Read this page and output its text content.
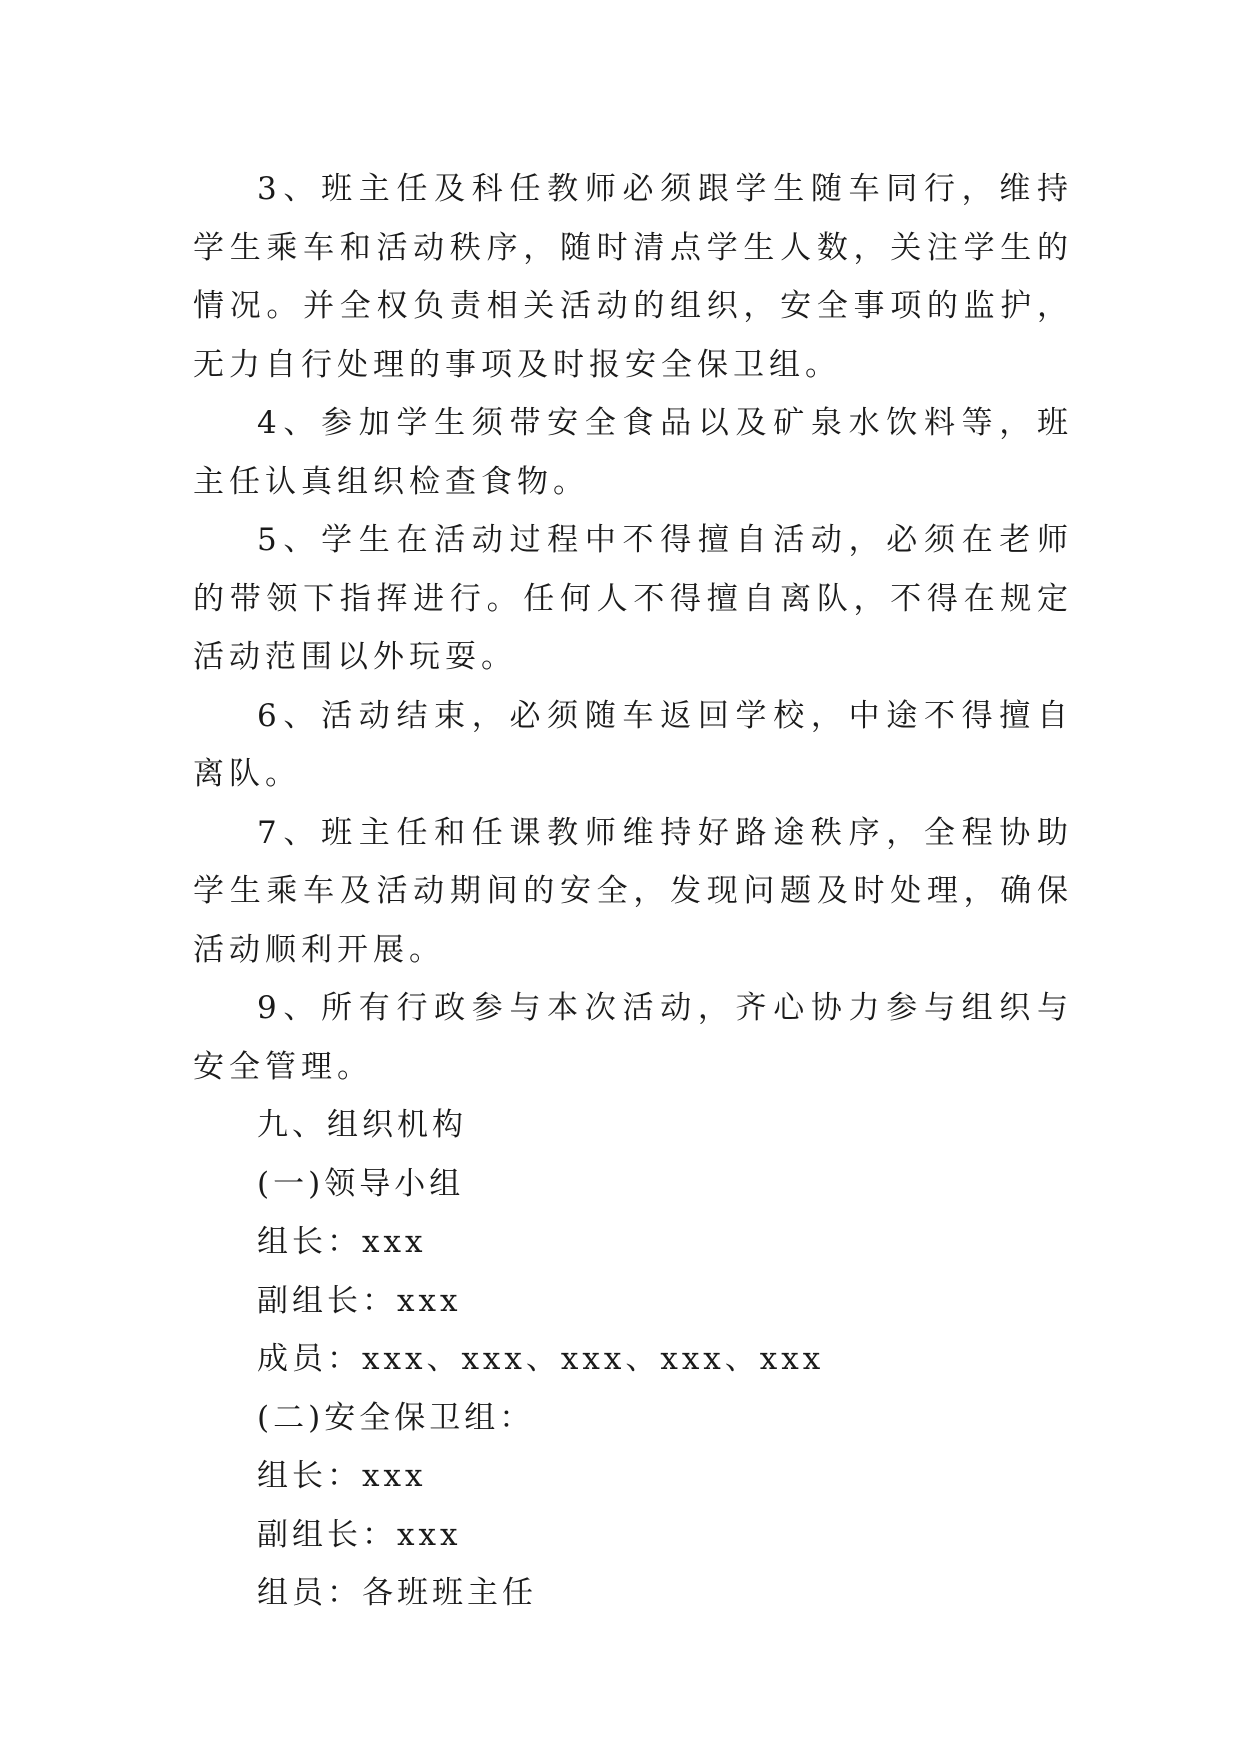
3、班主任及科任教师必须跟学生随车同行，维持学生乘车和活动秩序，随时清点学生人数，关注学生的情况。并全权负责相关活动的组织，安全事项的监护，无力自行处理的事项及时报安全保卫组。

4、参加学生须带安全食品以及矿泉水饮料等，班主任认真组织检查食物。

5、学生在活动过程中不得擅自活动，必须在老师的带领下指挥进行。任何人不得擅自离队，不得在规定活动范围以外玩耍。

6、活动结束，必须随车返回学校，中途不得擅自离队。

7、班主任和任课教师维持好路途秩序，全程协助学生乘车及活动期间的安全，发现问题及时处理，确保活动顺利开展。

9、所有行政参与本次活动，齐心协力参与组织与安全管理。

九、组织机构
(一)领导小组
组长：xxx
副组长：xxx
成员：xxx、xxx、xxx、xxx、xxx
(二)安全保卫组：
组长：xxx
副组长：xxx
组员：各班班主任
